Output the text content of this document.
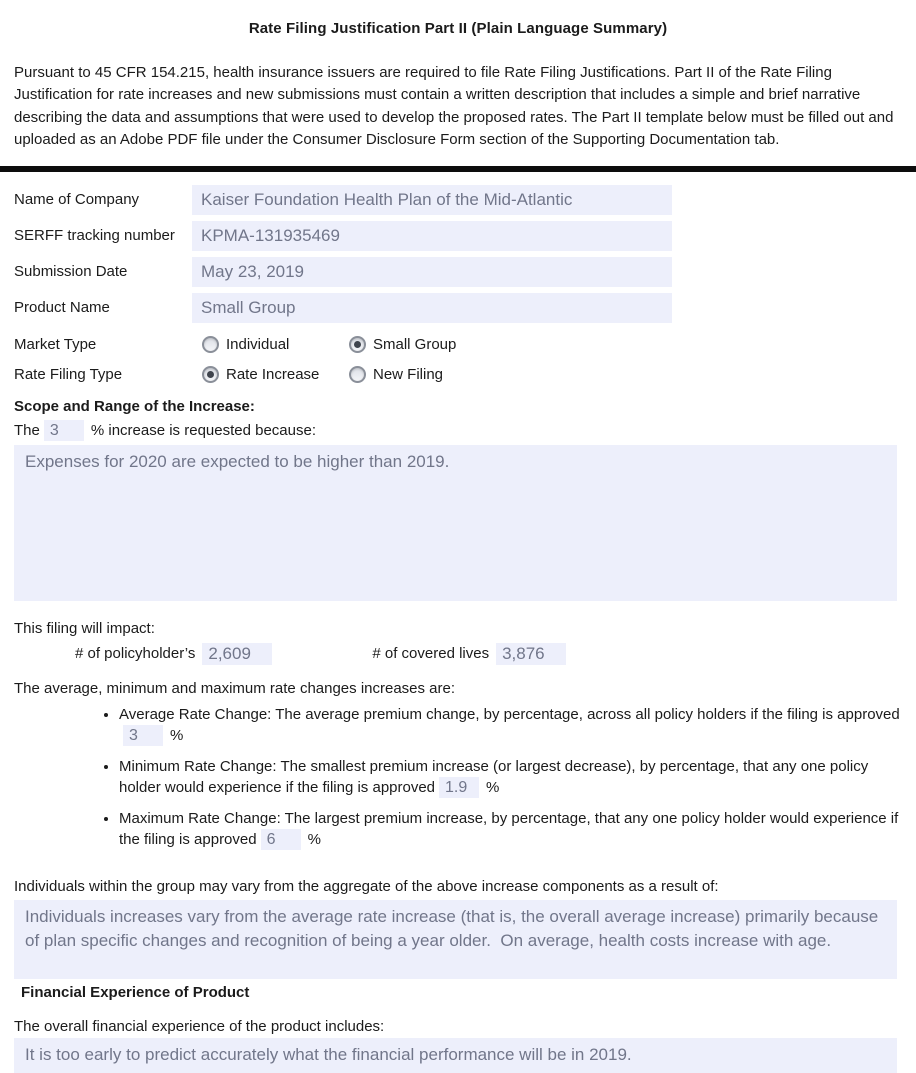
Rate Filing Justification Part II (Plain Language Summary)
Pursuant to 45 CFR 154.215, health insurance issuers are required to file Rate Filing Justifications. Part II of the Rate Filing Justification for rate increases and new submissions must contain a written description that includes a simple and brief narrative describing the data and assumptions that were used to develop the proposed rates. The Part II template below must be filled out and uploaded as an Adobe PDF file under the Consumer Disclosure Form section of the Supporting Documentation tab.
Name of Company	Kaiser Foundation Health Plan of the Mid-Atlantic
SERFF tracking number	KPMA-131935469
Submission Date	May 23, 2019
Product Name	Small Group
Market Type	Individual	Small Group
Rate Filing Type	Rate Increase	New Filing
Scope and Range of the Increase:
The 3 % increase is requested because:
Expenses for 2020 are expected to be higher than 2019.
This filing will impact:
# of policyholder’s 2,609	# of covered lives 3,876
The average, minimum and maximum rate changes increases are:
• Average Rate Change: The average premium change, by percentage, across all policy holders if the filing is approved3 %
• Minimum Rate Change: The smallest premium increase (or largest decrease), by percentage, that any one policy holder would experience if the filing is approved 1.9 %
• Maximum Rate Change: The largest premium increase, by percentage, that any one policy holder would experience if the filing is approved 6 %
Individuals within the group may vary from the aggregate of the above increase components as a result of:
Individuals increases vary from the average rate increase (that is, the overall average increase) primarily because of plan specific changes and recognition of being a year older.  On average, health costs increase with age.
Financial Experience of Product
The overall financial experience of the product includes:
It is too early to predict accurately what the financial performance will be in 2019.
